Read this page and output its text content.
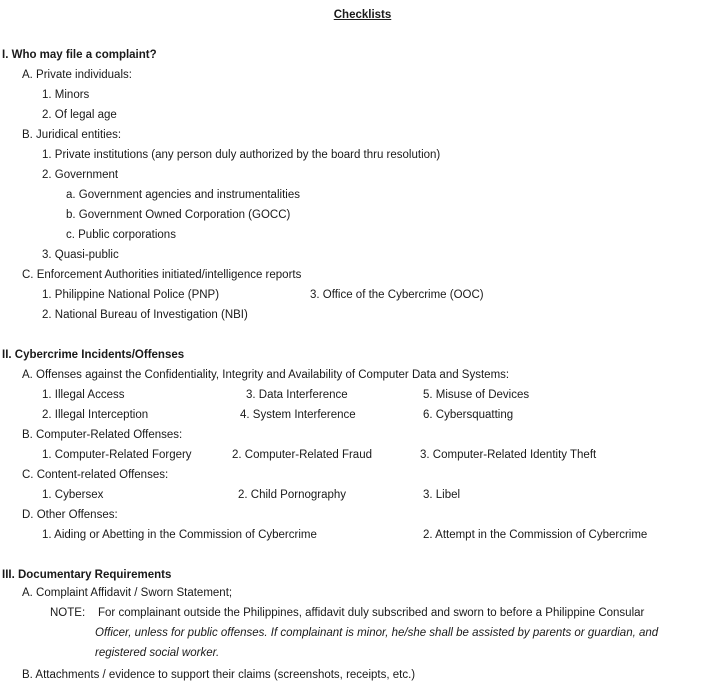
Checklists
I. Who may file a complaint?
A. Private individuals:
1. Minors
2. Of legal age
B. Juridical entities:
1. Private institutions (any person duly authorized by the board thru resolution)
2. Government
a. Government agencies and instrumentalities
b. Government Owned Corporation (GOCC)
c. Public corporations
3. Quasi-public
C. Enforcement Authorities initiated/intelligence reports
1. Philippine National Police (PNP)	3. Office of the Cybercrime (OOC)
2. National Bureau of Investigation (NBI)
II. Cybercrime Incidents/Offenses
A. Offenses against the Confidentiality, Integrity and Availability of Computer Data and Systems:
1. Illegal Access	3. Data Interference	5. Misuse of Devices
2. Illegal Interception	4. System Interference	6. Cybersquatting
B. Computer-Related Offenses:
1. Computer-Related Forgery	2. Computer-Related Fraud	3. Computer-Related Identity Theft
C. Content-related Offenses:
1. Cybersex	2. Child Pornography	3. Libel
D. Other Offenses:
1. Aiding or Abetting in the Commission of Cybercrime	2. Attempt in the Commission of Cybercrime
III. Documentary Requirements
A. Complaint Affidavit / Sworn Statement;
NOTE: For complainant outside the Philippines, affidavit duly subscribed and sworn to before a Philippine Consular
Officer, unless for public offenses. If complainant is minor, he/she shall be assisted by parents or guardian, and
registered social worker.
B. Attachments / evidence to support their claims (screenshots, receipts, etc.)
